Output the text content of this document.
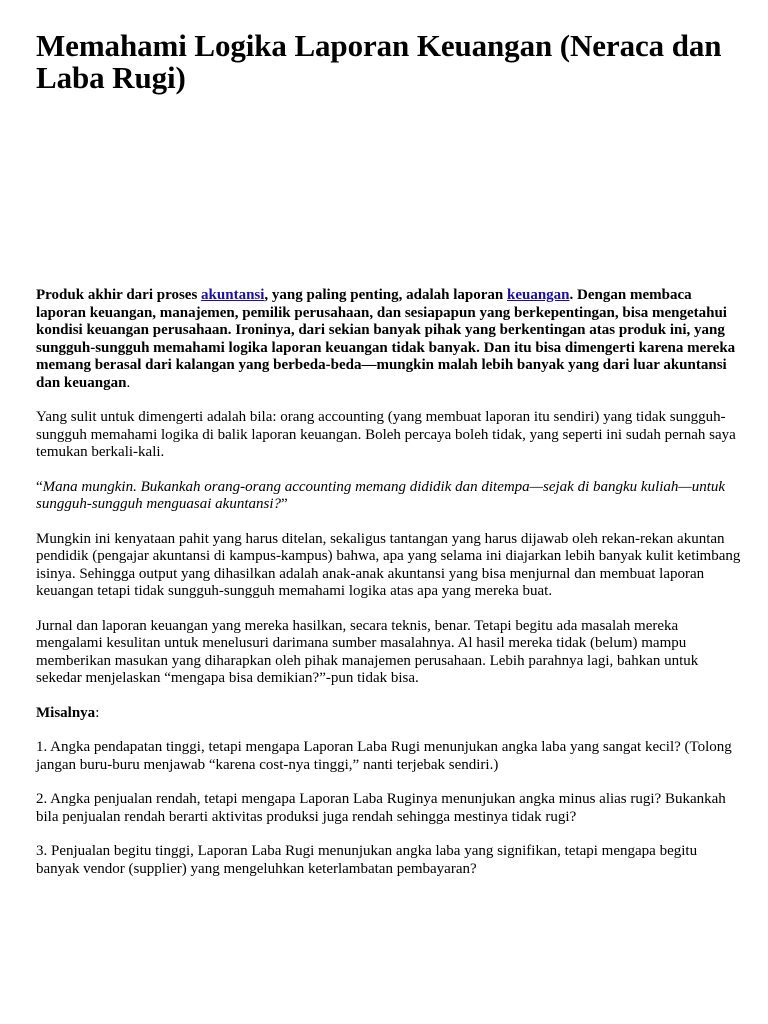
Memahami Logika Laporan Keuangan (Neraca dan Laba Rugi)

Produk akhir dari proses akuntansi, yang paling penting, adalah laporan keuangan. Dengan membaca laporan keuangan, manajemen, pemilik perusahaan, dan sesiapapun yang berkepentingan, bisa mengetahui kondisi keuangan perusahaan. Ironinya, dari sekian banyak pihak yang berkentingan atas produk ini, yang sungguh-sungguh memahami logika laporan keuangan tidak banyak. Dan itu bisa dimengerti karena mereka memang berasal dari kalangan yang berbeda-beda—mungkin malah lebih banyak yang dari luar akuntansi dan keuangan.

Yang sulit untuk dimengerti adalah bila: orang accounting (yang membuat laporan itu sendiri) yang tidak sungguh-sungguh memahami logika di balik laporan keuangan. Boleh percaya boleh tidak, yang seperti ini sudah pernah saya temukan berkali-kali.

“Mana mungkin. Bukankah orang-orang accounting memang dididik dan ditempa—sejak di bangku kuliah—untuk sungguh-sungguh menguasai akuntansi?”

Mungkin ini kenyataan pahit yang harus ditelan, sekaligus tantangan yang harus dijawab oleh rekan-rekan akuntan pendidik (pengajar akuntansi di kampus-kampus) bahwa, apa yang selama ini diajarkan lebih banyak kulit ketimbang isinya. Sehingga output yang dihasilkan adalah anak-anak akuntansi yang bisa menjurnal dan membuat laporan keuangan tetapi tidak sungguh-sungguh memahami logika atas apa yang mereka buat.

Jurnal dan laporan keuangan yang mereka hasilkan, secara teknis, benar. Tetapi begitu ada masalah mereka mengalami kesulitan untuk menelusuri darimana sumber masalahnya. Al hasil mereka tidak (belum) mampu memberikan masukan yang diharapkan oleh pihak manajemen perusahaan. Lebih parahnya lagi, bahkan untuk sekedar menjelaskan “mengapa bisa demikian?”-pun tidak bisa.

Misalnya:

1. Angka pendapatan tinggi, tetapi mengapa Laporan Laba Rugi menunjukan angka laba yang sangat kecil? (Tolong jangan buru-buru menjawab “karena cost-nya tinggi,” nanti terjebak sendiri.)

2. Angka penjualan rendah, tetapi mengapa Laporan Laba Ruginya menunjukan angka minus alias rugi? Bukankah bila penjualan rendah berarti aktivitas produksi juga rendah sehingga mestinya tidak rugi?

3. Penjualan begitu tinggi, Laporan Laba Rugi menunjukan angka laba yang signifikan, tetapi mengapa begitu banyak vendor (supplier) yang mengeluhkan keterlambatan pembayaran?
